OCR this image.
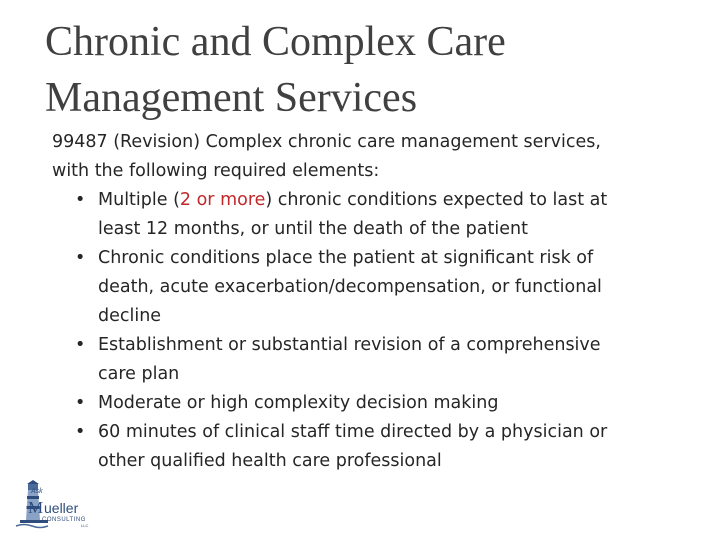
Chronic and Complex Care
Management Services

99487 (Revision) Complex chronic care management services,
with the following required elements:

• Multiple (2 or more) chronic conditions expected to last at
least 12 months, or until the death of the patient
• Chronic conditions place the patient at significant risk of
death, acute exacerbation/decompensation, or functional
decline
• Establishment or substantial revision of a comprehensive
care plan
• Moderate or high complexity decision making
• 60 minutes of clinical staff time directed by a physician or
other qualified health care professional
Ask
M ueller
CONSULTING
LLC
